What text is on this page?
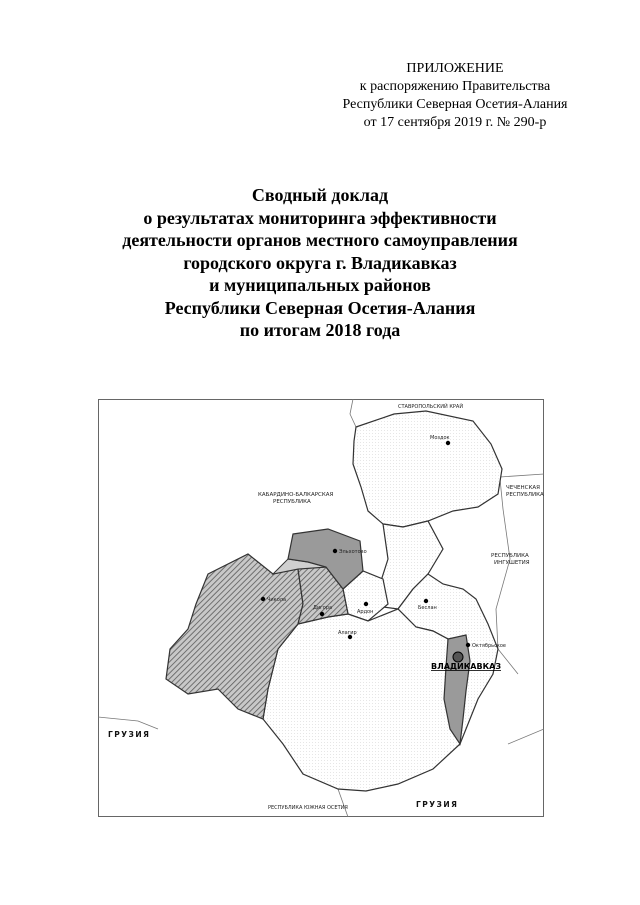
ПРИЛОЖЕНИЕ
к распоряжению Правительства
Республики Северная Осетия-Алания
от 17 сентября 2019 г. № 290-р
Сводный доклад
о результатах мониторинга эффективности
деятельности органов местного самоуправления
городского округа г. Владикавказ
и муниципальных районов
Республики Северная Осетия-Алания
по итогам 2018 года
СТАВРОПОЛЬСКИЙ КРАЙ
КАБАРДИНО-БАЛКАРСКАЯ
РЕСПУБЛИКА
ЧЕЧЕНСКАЯ
РЕСПУБЛИКА
РЕСПУБЛИКА
ИНГУШЕТИЯ
ГРУЗИЯ
ГРУЗИЯ
РЕСПУБЛИКА ЮЖНАЯ ОСЕТИЯ
Моздок
Эльхотово
Чикола
Дигора
Ардон
Беслан
Алагир
Октябрьское
ВЛАДИКАВКАЗ
